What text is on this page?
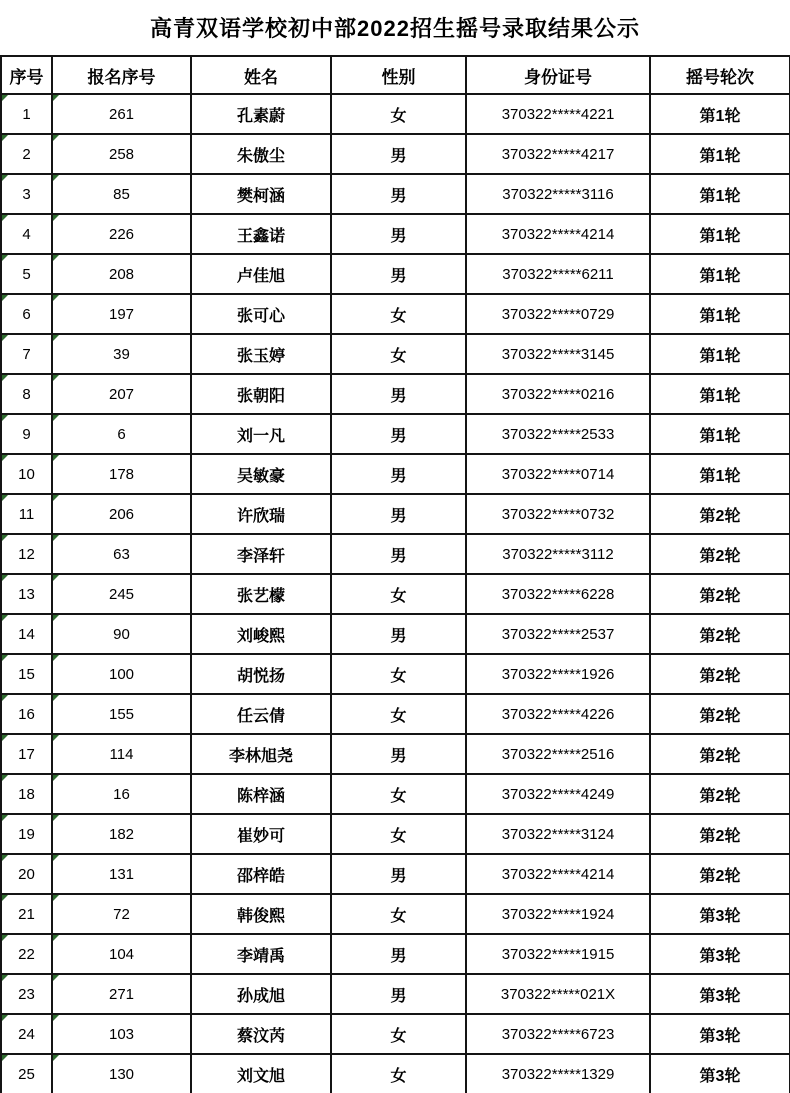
高青双语学校初中部2022招生摇号录取结果公示
序号	报名序号	姓名	性别	身份证号	摇号轮次
1	261	孔素蔚	女	370322*****4221	第1轮
2	258	朱傲尘	男	370322*****4217	第1轮
3	85	樊柯涵	男	370322*****3116	第1轮
4	226	王鑫诺	男	370322*****4214	第1轮
5	208	卢佳旭	男	370322*****6211	第1轮
6	197	张可心	女	370322*****0729	第1轮
7	39	张玉婷	女	370322*****3145	第1轮
8	207	张朝阳	男	370322*****0216	第1轮
9	6	刘一凡	男	370322*****2533	第1轮
10	178	吴敏豪	男	370322*****0714	第1轮
11	206	许欣瑞	男	370322*****0732	第2轮
12	63	李泽轩	男	370322*****3112	第2轮
13	245	张艺檬	女	370322*****6228	第2轮
14	90	刘峻熙	男	370322*****2537	第2轮
15	100	胡悦扬	女	370322*****1926	第2轮
16	155	任云倩	女	370322*****4226	第2轮
17	114	李林旭尧	男	370322*****2516	第2轮
18	16	陈梓涵	女	370322*****4249	第2轮
19	182	崔妙可	女	370322*****3124	第2轮
20	131	邵梓皓	男	370322*****4214	第2轮
21	72	韩俊熙	女	370322*****1924	第3轮
22	104	李靖禹	男	370322*****1915	第3轮
23	271	孙成旭	男	370322*****021X	第3轮
24	103	蔡汶芮	女	370322*****6723	第3轮
25	130	刘文旭	女	370322*****1329	第3轮
